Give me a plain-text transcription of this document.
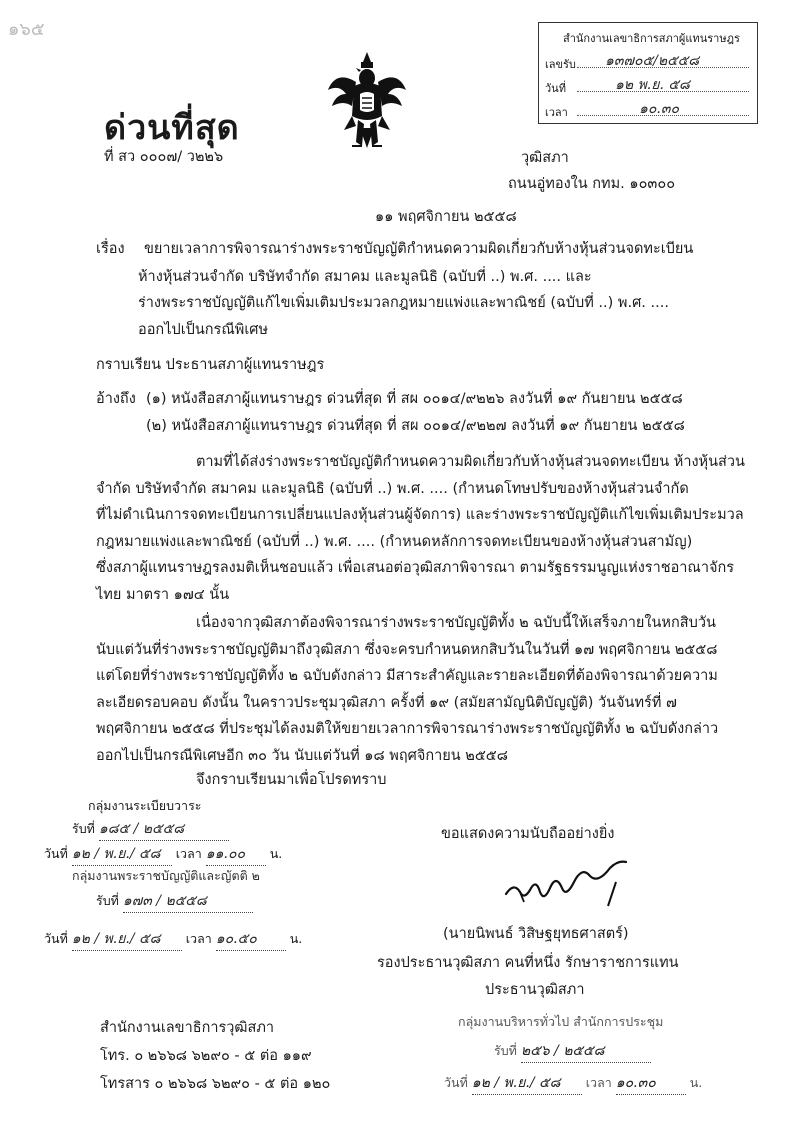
๑๖๕	สำนักงานเลขาธิการสภาผู้แทนราษฎร
เลขรับ ๑๓๗๐๕/๒๕๕๘
วันที่	๑๒ พ.ย. ๕๘
เวลา	๑๐.๓๐
ด่วนที่สุด
ที่ สว ๐๐๐๗/ ว๒๒๖	วุฒิสภา
ถนนอู่ทองใน กทม. ๑๐๓๐๐
๑๑ พฤศจิกายน ๒๕๕๘
เรื่อง ขยายเวลาการพิจารณาร่างพระราชบัญญัติกำหนดความผิดเกี่ยวกับห้างหุ้นส่วนจดทะเบียน
ห้างหุ้นส่วนจำกัด บริษัทจำกัด สมาคม และมูลนิธิ (ฉบับที่ ..) พ.ศ. .... และ
ร่างพระราชบัญญัติแก้ไขเพิ่มเติมประมวลกฎหมายแพ่งและพาณิชย์ (ฉบับที่ ..) พ.ศ. ....
ออกไปเป็นกรณีพิเศษ
กราบเรียน ประธานสภาผู้แทนราษฎร
อ้างถึง (๑) หนังสือสภาผู้แทนราษฎร ด่วนที่สุด ที่ สผ ๐๐๑๔/๙๒๒๖ ลงวันที่ ๑๙ กันยายน ๒๕๕๘
(๒) หนังสือสภาผู้แทนราษฎร ด่วนที่สุด ที่ สผ ๐๐๑๔/๙๒๒๗ ลงวันที่ ๑๙ กันยายน ๒๕๕๘
ตามที่ได้ส่งร่างพระราชบัญญัติกำหนดความผิดเกี่ยวกับห้างหุ้นส่วนจดทะเบียน ห้างหุ้นส่วน
จำกัด บริษัทจำกัด สมาคม และมูลนิธิ (ฉบับที่ ..) พ.ศ. .... (กำหนดโทษปรับของห้างหุ้นส่วนจำกัด
ที่ไม่ดำเนินการจดทะเบียนการเปลี่ยนแปลงหุ้นส่วนผู้จัดการ) และร่างพระราชบัญญัติแก้ไขเพิ่มเติมประมวล
กฎหมายแพ่งและพาณิชย์ (ฉบับที่ ..) พ.ศ. .... (กำหนดหลักการจดทะเบียนของห้างหุ้นส่วนสามัญ)
ซึ่งสภาผู้แทนราษฎรลงมติเห็นชอบแล้ว เพื่อเสนอต่อวุฒิสภาพิจารณา ตามรัฐธรรมนูญแห่งราชอาณาจักร
ไทย มาตรา ๑๗๔ นั้น
เนื่องจากวุฒิสภาต้องพิจารณาร่างพระราชบัญญัติทั้ง ๒ ฉบับนี้ให้เสร็จภายในหกสิบวัน
นับแต่วันที่ร่างพระราชบัญญัติมาถึงวุฒิสภา ซึ่งจะครบกำหนดหกสิบวันในวันที่ ๑๗ พฤศจิกายน ๒๕๕๘
แต่โดยที่ร่างพระราชบัญญัติทั้ง ๒ ฉบับดังกล่าว มีสาระสำคัญและรายละเอียดที่ต้องพิจารณาด้วยความ
ละเอียดรอบคอบ ดังนั้น ในคราวประชุมวุฒิสภา ครั้งที่ ๑๙ (สมัยสามัญนิติบัญญัติ) วันจันทร์ที่ ๗
พฤศจิกายน ๒๕๕๘ ที่ประชุมได้ลงมติให้ขยายเวลาการพิจารณาร่างพระราชบัญญัติทั้ง ๒ ฉบับดังกล่าว
ออกไปเป็นกรณีพิเศษอีก ๓๐ วัน นับแต่วันที่ ๑๘ พฤศจิกายน ๒๕๕๘
จึงกราบเรียนมาเพื่อโปรดทราบ
กลุ่มงานระเบียบวาระ
รับที่ ๑๘๕ / ๒๕๕๘
วันที่ ๑๒ / พ.ย./ ๕๘ เวลา ๑๑.๐๐ น.
กลุ่มงานพระราชบัญญัติและญัตติ ๒
รับที่ ๑๗๓ / ๒๕๕๘
วันที่ ๑๒ / พ.ย./ ๕๘ เวลา ๑๐.๕๐	น.
ขอแสดงความนับถืออย่างยิ่ง
(นายนิพนธ์ วิสิษฐยุทธศาสตร์)
รองประธานวุฒิสภา คนที่หนึ่ง รักษาราชการแทน
ประธานวุฒิสภา
กลุ่มงานบริหารทั่วไป สำนักการประชุม
รับที่ ๒๕๖ / ๒๕๕๘
วันที่ ๑๒ / พ.ย./ ๕๘ เวลา ๑๐.๓๐	น.
สำนักงานเลขาธิการวุฒิสภา
โทร. ๐ ๒๖๖๘ ๖๒๙๐ - ๕ ต่อ ๑๑๙
โทรสาร ๐ ๒๖๖๘ ๖๒๙๐ - ๕ ต่อ ๑๒๐
